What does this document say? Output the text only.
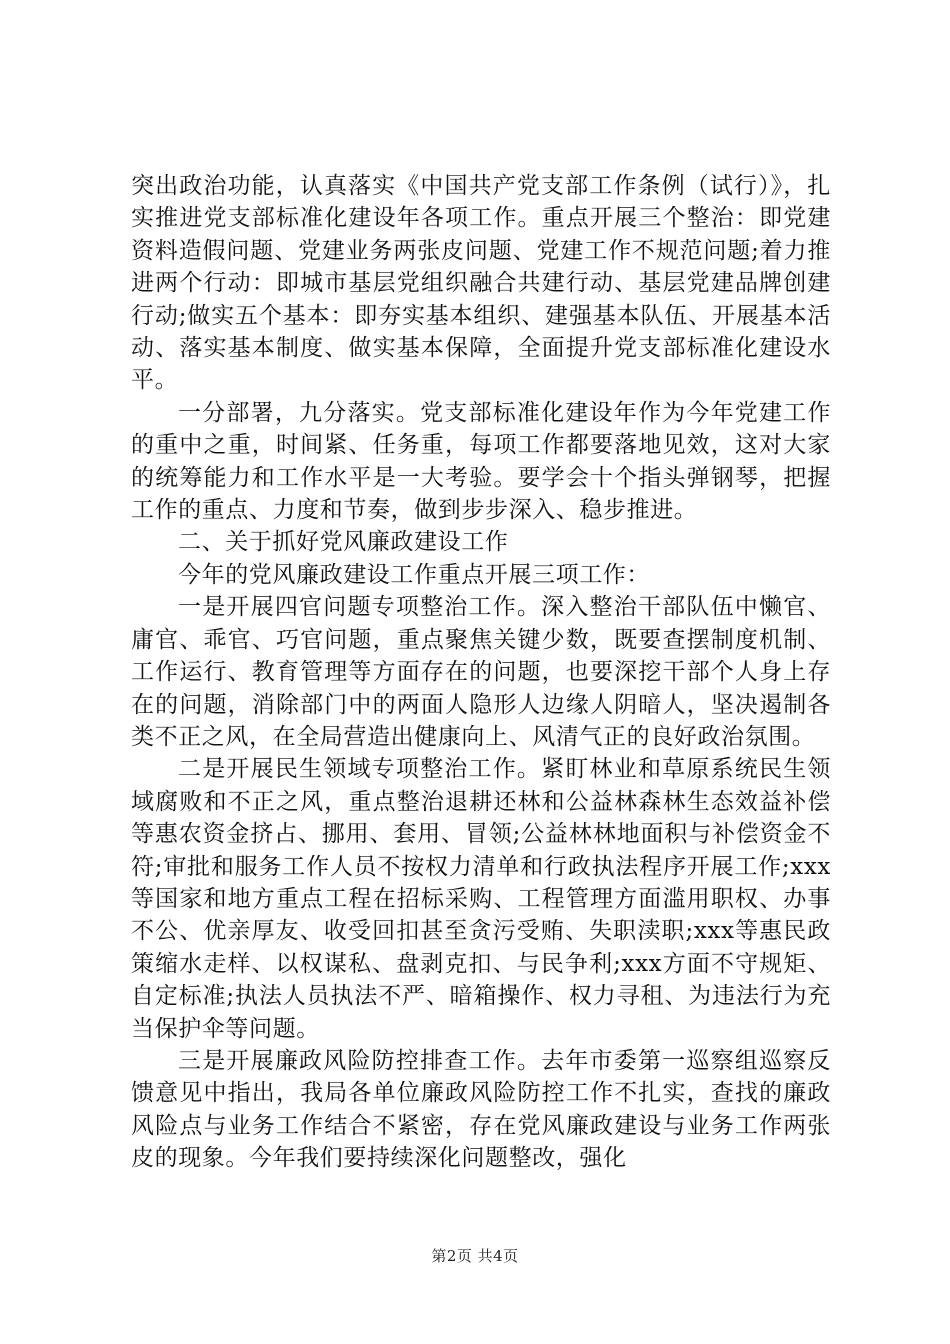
突出政治功能，认真落实《中国共产党支部工作条例（试行）》，扎实推进党支部标准化建设年各项工作。重点开展三个整治：即党建资料造假问题、党建业务两张皮问题、党建工作不规范问题;着力推进两个行动：即城市基层党组织融合共建行动、基层党建品牌创建行动;做实五个基本：即夯实基本组织、建强基本队伍、开展基本活动、落实基本制度、做实基本保障，全面提升党支部标准化建设水平。

一分部署，九分落实。党支部标准化建设年作为今年党建工作的重中之重，时间紧、任务重，每项工作都要落地见效，这对大家的统筹能力和工作水平是一大考验。要学会十个指头弹钢琴，把握工作的重点、力度和节奏，做到步步深入、稳步推进。

二、关于抓好党风廉政建设工作

今年的党风廉政建设工作重点开展三项工作：

一是开展四官问题专项整治工作。深入整治干部队伍中懒官、庸官、乖官、巧官问题，重点聚焦关键少数，既要查摆制度机制、工作运行、教育管理等方面存在的问题，也要深挖干部个人身上存在的问题，消除部门中的两面人隐形人边缘人阴暗人，坚决遏制各类不正之风，在全局营造出健康向上、风清气正的良好政治氛围。

二是开展民生领域专项整治工作。紧盯林业和草原系统民生领域腐败和不正之风，重点整治退耕还林和公益林森林生态效益补偿等惠农资金挤占、挪用、套用、冒领;公益林林地面积与补偿资金不符;审批和服务工作人员不按权力清单和行政执法程序开展工作;xxx等国家和地方重点工程在招标采购、工程管理方面滥用职权、办事不公、优亲厚友、收受回扣甚至贪污受贿、失职渎职;xxx等惠民政策缩水走样、以权谋私、盘剥克扣、与民争利;xxx方面不守规矩、自定标准;执法人员执法不严、暗箱操作、权力寻租、为违法行为充当保护伞等问题。

三是开展廉政风险防控排查工作。去年市委第一巡察组巡察反馈意见中指出，我局各单位廉政风险防控工作不扎实，查找的廉政风险点与业务工作结合不紧密，存在党风廉政建设与业务工作两张皮的现象。今年我们要持续深化问题整改，强化

第2页 共4页
